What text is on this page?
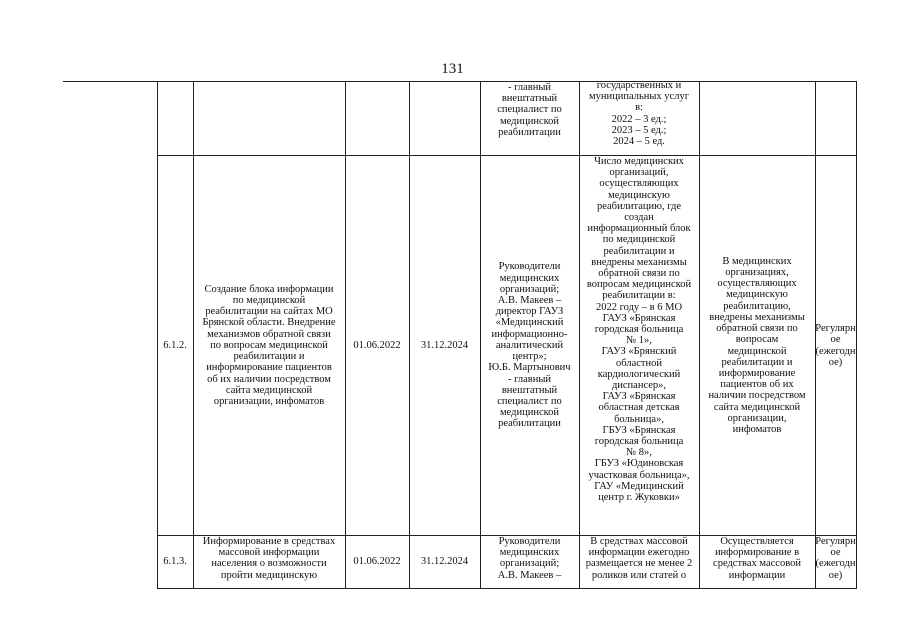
131
- главный
внештатный
специалист по
медицинской
реабилитации
государственных и
муниципальных услуг
в:
2022 – 3 ед.;
2023 – 5 ед.;
2024 – 5 ед.
6.1.2.
Создание блока информации
по медицинской
реабилитации на сайтах МО
Брянской области. Внедрение
механизмов обратной связи
по вопросам медицинской
реабилитации и
информирование пациентов
об их наличии посредством
сайта медицинской
организации, инфоматов
01.06.2022 31.12.2024
Руководители
медицинских
организаций;
А.В. Макеев –
директор ГАУЗ
«Медицинский
информационно-
аналитический
центр»;
Ю.Б. Мартынович
- главный
внештатный
специалист по
медицинской
реабилитации
Число медицинских
организаций,
осуществляющих
медицинскую
реабилитацию, где
создан
информационный блок
по медицинской
реабилитации и
внедрены механизмы
обратной связи по
вопросам медицинской
реабилитации в:
2022 году – в 6 МО
ГАУЗ «Брянская
городская больница
№ 1»,
ГАУЗ «Брянский
областной
кардиологический
диспансер»,
ГАУЗ «Брянская
областная детская
больница»,
ГБУЗ «Брянская
городская больница
№ 8»,
ГБУЗ «Юдиновская
участковая больница»,
ГАУ «Медицинский
центр г. Жуковки»
В медицинских
организациях,
осуществляющих
медицинскую
реабилитацию,
внедрены механизмы
обратной связи по
вопросам
медицинской
реабилитации и
информирование
пациентов об их
наличии посредством
сайта медицинской
организации,
инфоматов
Регулярн
ое
(ежегодн
ое)
6.1.3.
Информирование в средствах
массовой информации
населения о возможности
пройти медицинскую
01.06.2022 31.12.2024
Руководители
медицинских
организаций;
А.В. Макеев –
В средствах массовой
информации ежегодно
размещается не менее 2
роликов или статей о
Осуществляется
информирование в
средствах массовой
информации
Регулярн
ое
(ежегодн
ое)
